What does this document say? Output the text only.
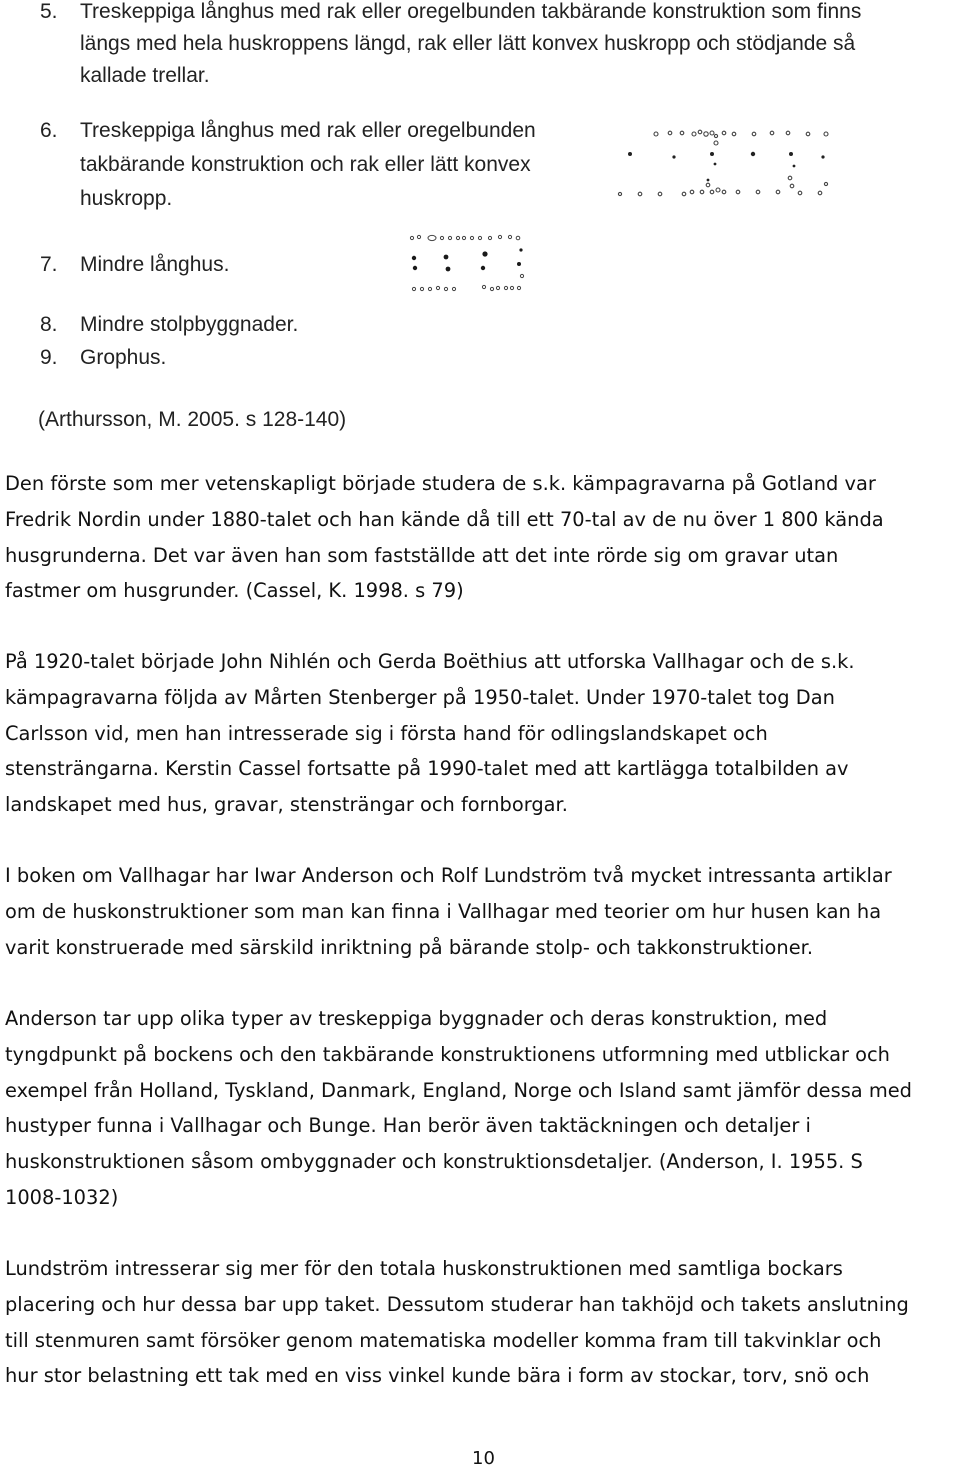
5.	Treskeppiga långhus med rak eller oregelbunden takbärande konstruktion som finns
längs med hela huskroppens längd, rak eller lätt konvex huskropp och stödjande så
kallade trellar.
6.	Treskeppiga långhus med rak eller oregelbunden
takbärande konstruktion och rak eller lätt konvex
huskropp.
7.	Mindre långhus.
8.	Mindre stolpbyggnader.
9.	Grophus.
(Arthursson, M. 2005. s 128-140)
Den förste som mer vetenskapligt började studera de s.k. kämpagravarna på Gotland var
Fredrik Nordin under 1880-talet och han kände då till ett 70-tal av de nu över 1 800 kända
husgrunderna. Det var även han som fastställde att det inte rörde sig om gravar utan
fastmer om husgrunder. (Cassel, K. 1998. s 79)
På 1920-talet började John Nihlén och Gerda Boëthius att utforska Vallhagar och de s.k.
kämpagravarna följda av Mårten Stenberger på 1950-talet. Under 1970-talet tog Dan
Carlsson vid, men han intresserade sig i första hand för odlingslandskapet och
stensträngarna. Kerstin Cassel fortsatte på 1990-talet med att kartlägga totalbilden av
landskapet med hus, gravar, stensträngar och fornborgar.
I boken om Vallhagar har Iwar Anderson och Rolf Lundström två mycket intressanta artiklar
om de huskonstruktioner som man kan finna i Vallhagar med teorier om hur husen kan ha
varit konstruerade med särskild inriktning på bärande stolp- och takkonstruktioner.
Anderson tar upp olika typer av treskeppiga byggnader och deras konstruktion, med
tyngdpunkt på bockens och den takbärande konstruktionens utformning med utblickar och
exempel från Holland, Tyskland, Danmark, England, Norge och Island samt jämför dessa med
hustyper funna i Vallhagar och Bunge. Han berör även taktäckningen och detaljer i
huskonstruktionen såsom ombyggnader och konstruktionsdetaljer. (Anderson, I. 1955. S
1008-1032)
Lundström intresserar sig mer för den totala huskonstruktionen med samtliga bockars
placering och hur dessa bar upp taket. Dessutom studerar han takhöjd och takets anslutning
till stenmuren samt försöker genom matematiska modeller komma fram till takvinklar och
hur stor belastning ett tak med en viss vinkel kunde bära i form av stockar, torv, snö och
10
